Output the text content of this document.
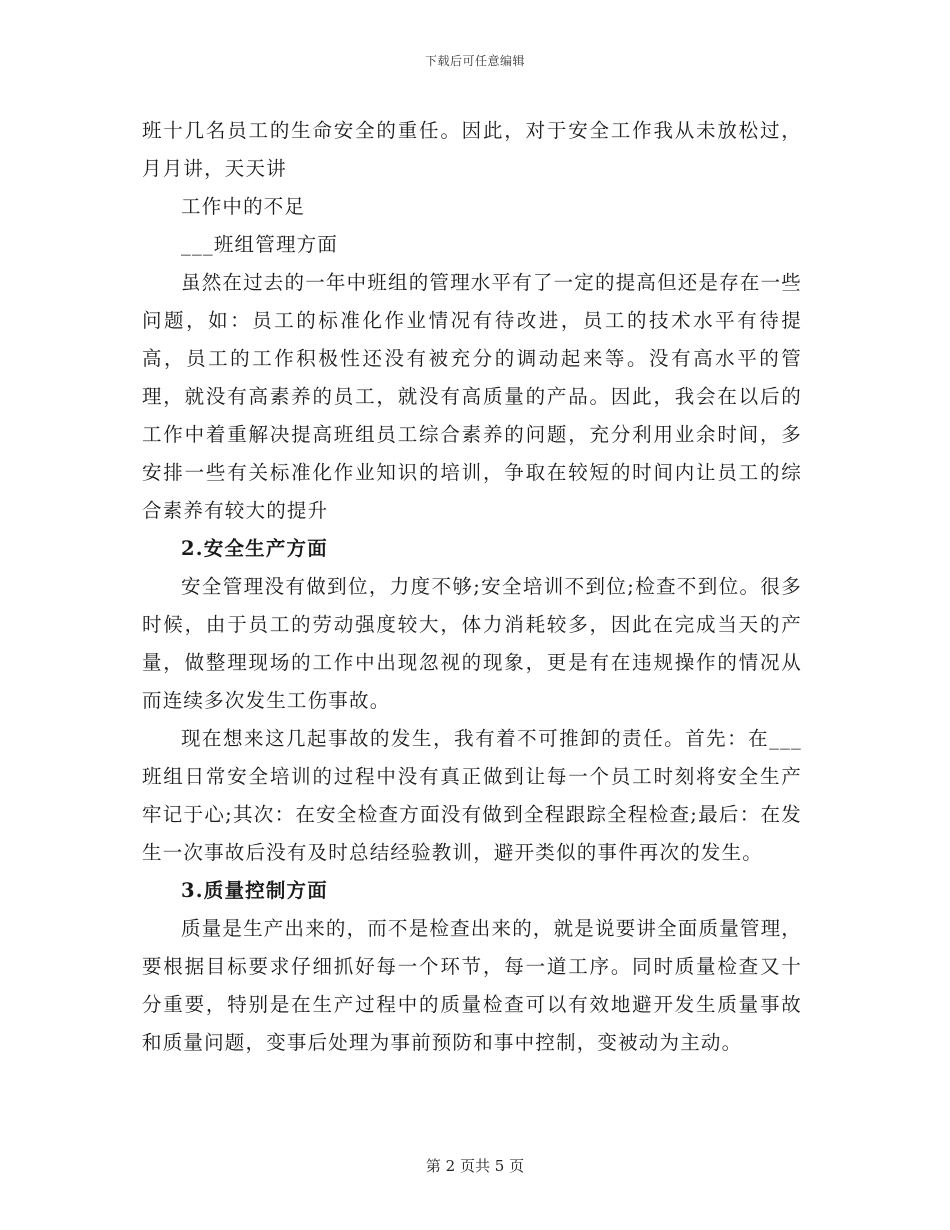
下载后可任意编辑

班十几名员工的生命安全的重任。因此，对于安全工作我从未放松过，月月讲，天天讲

工作中的不足

___班组管理方面

虽然在过去的一年中班组的管理水平有了一定的提高但还是存在一些问题，如：员工的标准化作业情况有待改进，员工的技术水平有待提高，员工的工作积极性还没有被充分的调动起来等。没有高水平的管理，就没有高素养的员工，就没有高质量的产品。因此，我会在以后的工作中着重解决提高班组员工综合素养的问题，充分利用业余时间，多安排一些有关标准化作业知识的培训，争取在较短的时间内让员工的综合素养有较大的提升

2.安全生产方面

安全管理没有做到位，力度不够;安全培训不到位;检查不到位。很多时候，由于员工的劳动强度较大，体力消耗较多，因此在完成当天的产量，做整理现场的工作中出现忽视的现象，更是有在违规操作的情况从而连续多次发生工伤事故。

现在想来这几起事故的发生，我有着不可推卸的责任。首先：在___班组日常安全培训的过程中没有真正做到让每一个员工时刻将安全生产牢记于心;其次：在安全检查方面没有做到全程跟踪全程检查;最后：在发生一次事故后没有及时总结经验教训，避开类似的事件再次的发生。

3.质量控制方面

质量是生产出来的，而不是检查出来的，就是说要讲全面质量管理，要根据目标要求仔细抓好每一个环节，每一道工序。同时质量检查又十分重要，特别是在生产过程中的质量检查可以有效地避开发生质量事故和质量问题，变事后处理为事前预防和事中控制，变被动为主动。

第 2 页共 5 页
